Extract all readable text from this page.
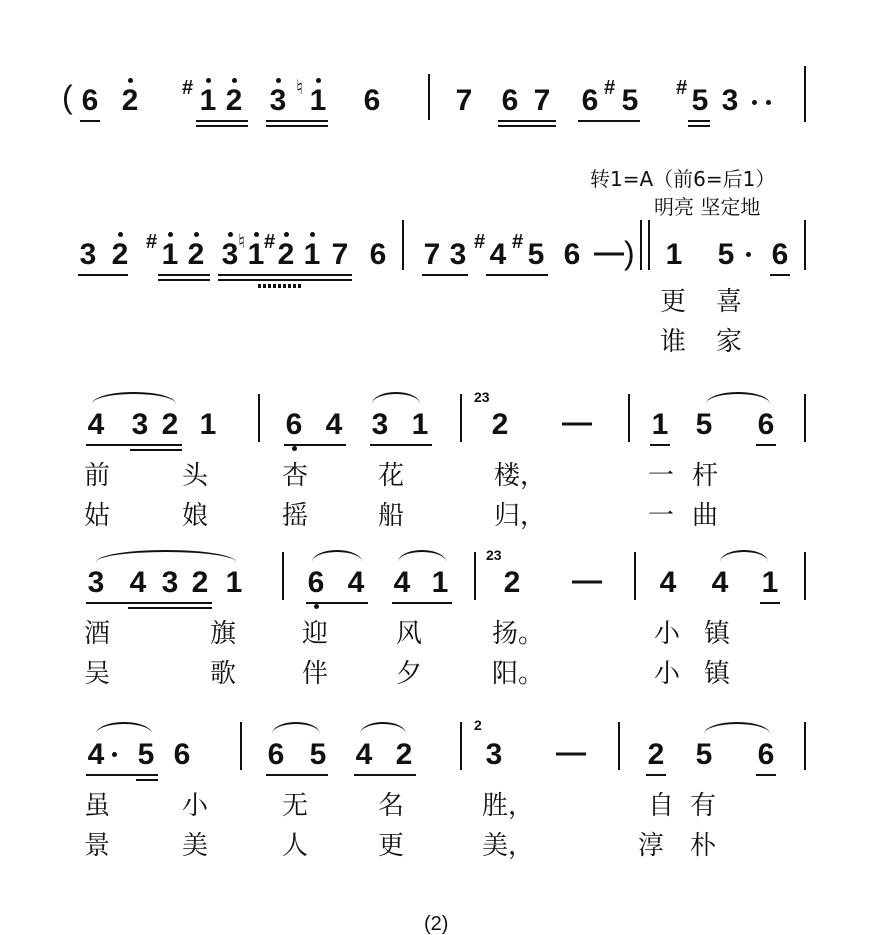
( 6 2 # 1 2 3 ♮ 1 6	7 6 7 6 # 5 # 5 3
转1=A（前6=后1）
明亮 坚定地
3 2 # 1 2 3 ♮ 1 # 2 1 7 6 7 3 # 4 # 5 6 — ) 1 5 6
更 喜
谁 家
4 3 2 1 6 4 3 1
23
2 — 1 5 6
前	头	杏	花	楼，	一 杆
姑	娘	摇	船	归，	一 曲
3 4 3 2 1 6 4 4 1
23
2 — 4 4 1
酒	旗	迎	风	扬。	小 镇
吴	歌	伴	夕	阳。	小 镇
4 5 6	6 5 4 2
2
3 — 2 5 6
虽	小	无	名	胜，	自 有
景	美	人	更	美，	淳 朴
(2)
